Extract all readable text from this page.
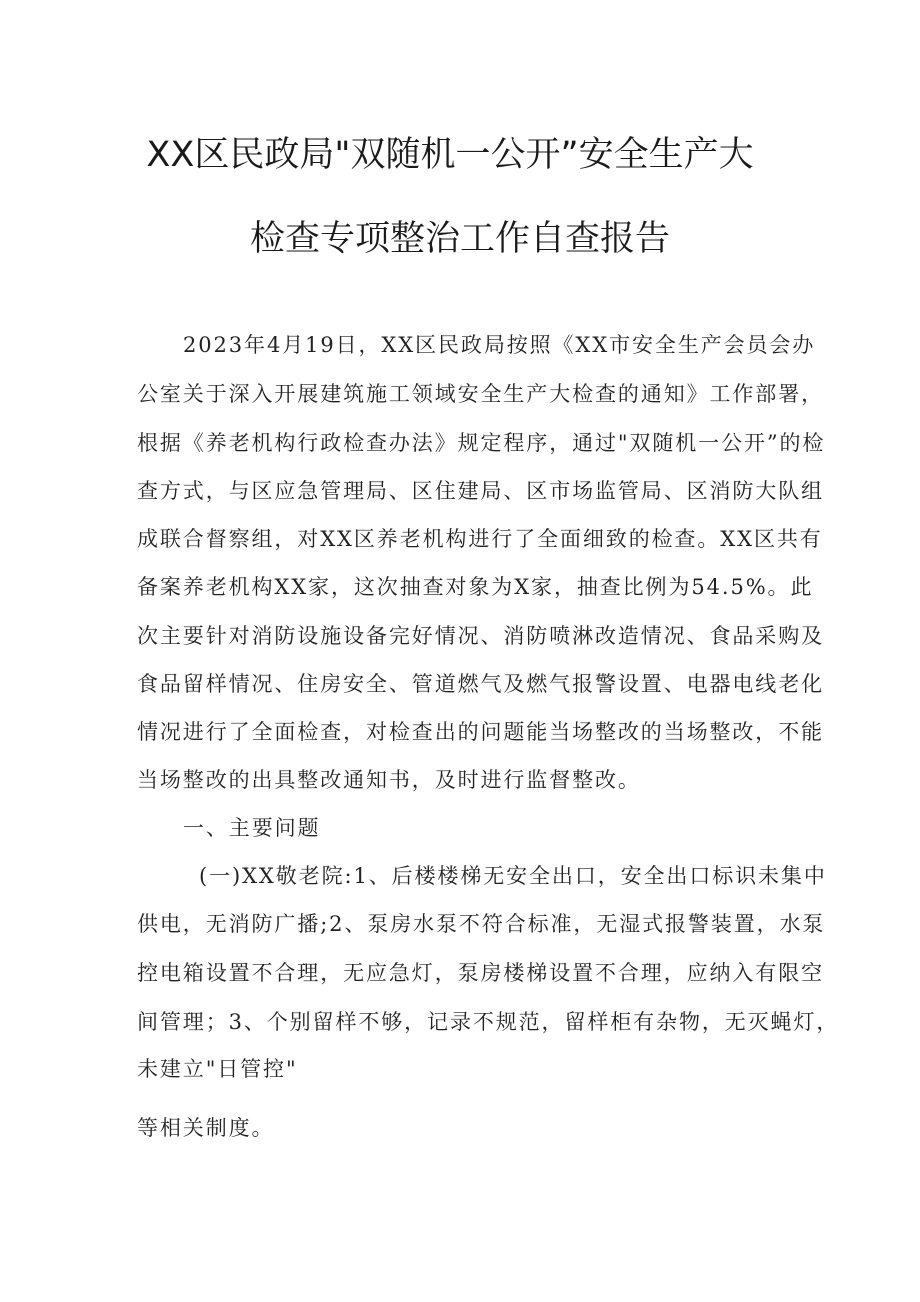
XX区民政局"双随机一公开”安全生产大
检查专项整治工作自查报告

2023年4月19日，XX区民政局按照《XX市安全生产会员会办

公室关于深入开展建筑施工领域安全生产大检查的通知》工作部署，

根据《养老机构行政检查办法》规定程序，通过"双随机一公开”的检

查方式，与区应急管理局、区住建局、区市场监管局、区消防大队组

成联合督察组，对XX区养老机构进行了全面细致的检查。XX区共有

备案养老机构XX家，这次抽查对象为X家，抽查比例为54.5%。此

次主要针对消防设施设备完好情况、消防喷淋改造情况、食品采购及

食品留样情况、住房安全、管道燃气及燃气报警设置、电器电线老化

情况进行了全面检查，对检查出的问题能当场整改的当场整改，不能

当场整改的出具整改通知书，及时进行监督整改。

一、主要问题

(一)XX敬老院:1、后楼楼梯无安全出口，安全出口标识未集中

供电，无消防广播;2、泵房水泵不符合标准，无湿式报警装置，水泵

控电箱设置不合理，无应急灯，泵房楼梯设置不合理，应纳入有限空

间管理；3、个别留样不够，记录不规范，留样柜有杂物，无灭蝇灯，

未建立"日管控"

等相关制度。
